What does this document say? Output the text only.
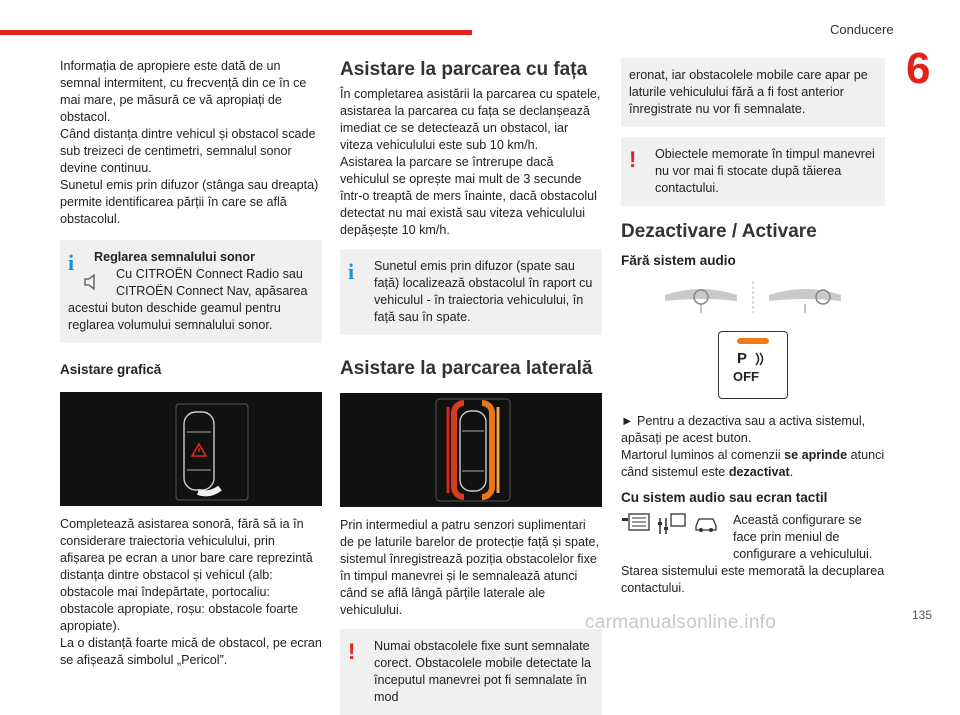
Conducere
6

Informația de apropiere este dată de un semnal intermitent, cu frecvență din ce în ce mai mare, pe măsură ce vă apropiați de obstacol.

Când distanța dintre vehicul și obstacol scade sub treizeci de centimetri, semnalul sonor devine continuu.

Sunetul emis prin difuzor (stânga sau dreapta) permite identificarea părții în care se află obstacolul.

i	Reglarea semnalului sonor
Cu CITROËN Connect Radio sau CITROËN Connect Nav, apăsarea
acestui buton deschide geamul pentru reglarea volumului semnalului sonor.
Asistare grafică

Completează asistarea sonoră, fără să ia în considerare traiectoria vehiculului, prin afișarea pe ecran a unor bare care reprezintă distanța dintre obstacol și vehicul (alb: obstacole mai îndepărtate, portocaliu: obstacole apropiate, roșu: obstacole foarte apropiate).

La o distanță foarte mică de obstacol, pe ecran se afișează simbolul „Pericol”.

Asistare la parcarea cu fața

În completarea asistării la parcarea cu spatele, asistarea la parcarea cu fața se declanșează imediat ce se detectează un obstacol, iar viteza vehiculului este sub 10 km/h.

Asistarea la parcare se întrerupe dacă vehiculul se oprește mai mult de 3 secunde într-o treaptă de mers înainte, dacă obstacolul detectat nu mai există sau viteza vehiculului depășește 10 km/h.

i	Sunetul emis prin difuzor (spate sau față) localizează obstacolul în raport cu vehiculul - în traiectoria vehiculului, în față sau în spate.
Asistare la parcarea laterală

Prin intermediul a patru senzori suplimentari de pe laturile barelor de protecție față și spate, sistemul înregistrează poziția obstacolelor fixe în timpul manevrei și le semnalează atunci când se află lângă părțile laterale ale vehiculului.

!	Numai obstacolele fixe sunt semnalate corect. Obstacolele mobile detectate la începutul manevrei pot fi semnalate în mod
eronat, iar obstacolele mobile care apar pe laturile vehiculului fără a fi fost anterior înregistrate nu vor fi semnalate.
!	Obiectele memorate în timpul manevrei nu vor mai fi stocate după tăierea contactului.
Dezactivare / Activare
Fără sistem audio
P
OFF

► Pentru a dezactiva sau a activa sistemul, apăsați pe acest buton.

Martorul luminos al comenzii se aprinde atunci când sistemul este dezactivat.

Cu sistem audio sau ecran tactil
Această configurare se face prin meniul de configurare a vehiculului.

Starea sistemului este memorată la decuplarea contactului.

carmanualsonline.info	135
